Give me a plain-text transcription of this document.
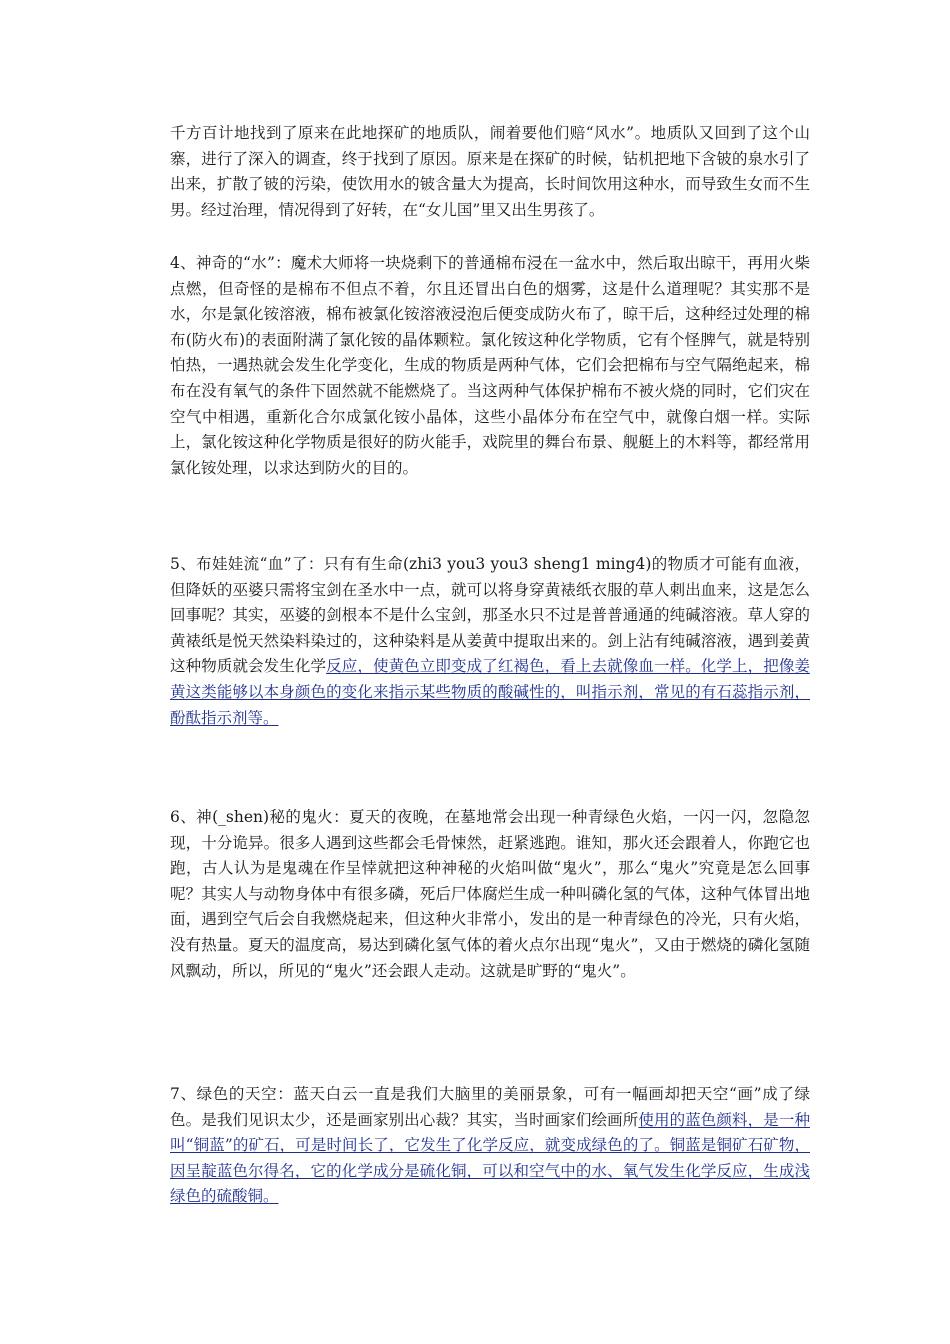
千方百计地找到了原来在此地探矿的地质队，闹着要他们赔“风水”。地质队又回到了这个山寨，进行了深入的调查，终于找到了原因。原来是在探矿的时候，钻机把地下含铍的泉水引了出来，扩散了铍的污染，使饮用水的铍含量大为提高，长时间饮用这种水，而导致生女而不生男。经过治理，情况得到了好转，在“女儿国”里又出生男孩了。

4、神奇的“水”：魔术大师将一块烧剩下的普通棉布浸在一盆水中，然后取出晾干，再用火柴点燃，但奇怪的是棉布不但点不着，尔且还冒出白色的烟雾，这是什么道理呢？其实那不是水，尔是氯化铵溶液，棉布被氯化铵溶液浸泡后便变成防火布了，晾干后，这种经过处理的棉布(防火布)的表面附满了氯化铵的晶体颗粒。氯化铵这种化学物质，它有个怪脾气，就是特别怕热，一遇热就会发生化学变化，生成的物质是两种气体，它们会把棉布与空气隔绝起来，棉布在没有氧气的条件下固然就不能燃烧了。当这两种气体保护棉布不被火烧的同时，它们灾在空气中相遇，重新化合尔成氯化铵小晶体，这些小晶体分布在空气中，就像白烟一样。实际上，氯化铵这种化学物质是很好的防火能手，戏院里的舞台布景、舰艇上的木料等，都经常用氯化铵处理，以求达到防火的目的。

5、布娃娃流“血”了：只有有生命(zhi3 you3 you3 sheng1 ming4)的物质才可能有血液，但降妖的巫婆只需将宝剑在圣水中一点，就可以将身穿黄裱纸衣服的草人刺出血来，这是怎么回事呢？其实，巫婆的剑根本不是什么宝剑，那圣水只不过是普普通通的纯碱溶液。草人穿的黄裱纸是悦天然染料染过的，这种染料是从姜黄中提取出来的。剑上沾有纯碱溶液，遇到姜黄这种物质就会发生化学反应，使黄色立即变成了红褐色，看上去就像血一样。化学上，把像姜黄这类能够以本身颜色的变化来指示某些物质的酸碱性的，叫指示剂，常见的有石蕊指示剂，酚酞指示剂等。

6、神(_shen)秘的鬼火：夏天的夜晚，在墓地常会出现一种青绿色火焰，一闪一闪，忽隐忽现，十分诡异。很多人遇到这些都会毛骨悚然，赶紧逃跑。谁知，那火还会跟着人，你跑它也跑，古人认为是鬼魂在作呈悻就把这种神秘的火焰叫做“鬼火”，那么“鬼火”究竟是怎么回事呢？其实人与动物身体中有很多磷，死后尸体腐烂生成一种叫磷化氢的气体，这种气体冒出地面，遇到空气后会自我燃烧起来，但这种火非常小，发出的是一种青绿色的冷光，只有火焰，没有热量。夏天的温度高，易达到磷化氢气体的着火点尔出现“鬼火”，又由于燃烧的磷化氢随风飘动，所以，所见的“鬼火”还会跟人走动。这就是旷野的“鬼火”。

7、绿色的天空：蓝天白云一直是我们大脑里的美丽景象，可有一幅画却把天空“画”成了绿色。是我们见识太少，还是画家别出心裁？其实，当时画家们绘画所使用的蓝色颜料，是一种叫“铜蓝”的矿石，可是时间长了，它发生了化学反应，就变成绿色的了。铜蓝是铜矿石矿物，因呈靛蓝色尔得名，它的化学成分是硫化铜，可以和空气中的水、氧气发生化学反应，生成浅绿色的硫酸铜。
